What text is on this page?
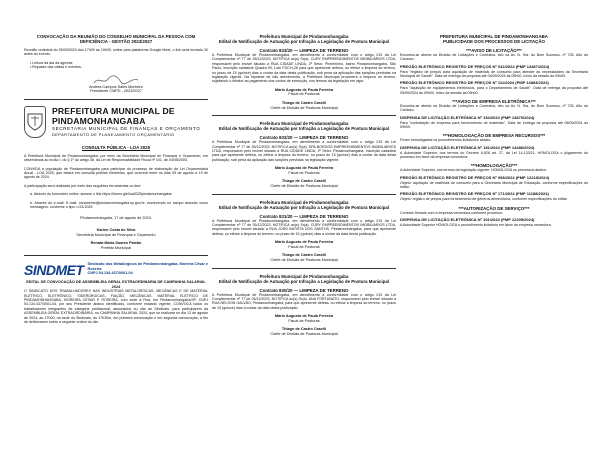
CONVOCAÇÃO DA REUNIÃO DO CONSELHO MUNICIPAL DA PESSOA COM DEFICIÊNCIA - GESTÃO 2023/2027
Reunião ordinária do 05/09/2024 dos 17h00 às 19h00, online pela plataforma Google Meet, o link será enviado 30 antes do evento.
• Leitura da ata da agenda;
• Repasse das visitas e eventos.
Andrea Campos Sales Monteiro
Presidente CMPD - 2023/2027
PREFEITURA MUNICIPAL DE PINDAMONHANGABA
SECRETARIA MUNICIPAL DE FINANÇAS E ORÇAMENTO
DEPARTAMENTO DE PLANEJAMENTO ORÇAMENTÁRIO
CONSULTA PÚBLICA - LOA 2025
A Prefeitura Municipal de Pindamonhangaba, por meio da Secretaria Municipal de Finanças e Orçamento, em observância ao inciso I, do § 1º do artigo 48, da Lei de Responsabilidade Fiscal nº 101, de 04/05/2000,
CONVIDA a população de Pindamonhangaba para participar do processo de elaboração da Lei Orçamentária Anual - LOA 2025, que estará em consulta pública eletrônica, que ocorrerá entre os dias 05 de agosto a 19 de agosto de 2024.
A participação será realizada por meio das seguintes ferramentas on-line:
a. Através do formulário online: acesse o link https://forms.gle/loa2025pindamonhangaba
b. Através do e-mail: E-mail: orcamento@pindamonhangaba.sp.gov.br, escrevendo no campo assunto como mensagem, conforme o tipo: LOA 2025
Pindamonhangaba, 17 de agosto de 2024.
Karine Costa de Silva
Secretária Municipal de Finanças e Orçamento
Renata Maria Soares Paixão
Prefeito Municipal
SINDMET Sindicato dos Metalúrgicos de Pindamonhangaba, Moreira César e Roseira
CNPJ 54.134.437/0001-04
EDITAL DE CONVOCAÇÃO DE ASSEMBLEIA GERAL EXTRAORDINÁRIA DE CAMPANHA SALARIAL 2024
O SINDICATO DOS TRABALHADORES NAS INDÚSTRIAS METALÚRGICAS, MECÂNICAS E DE MATERIAL ELÉTRICO, ELETRÔNICO, SIDERÚRGICAS, FIAÇÃO, MECÂNICAS, MATERIAL ELÉTRICO DE PINDAMONHANGABA, MOREIRA CÉSAR E ROSEIRA, com sede à Rua, em Pindamonhangaba/SP, CNPJ 54.134.437/0001-04, por seu Presidente abaixo identificado, conforme estatuto vigente, CONVOCA todos os trabalhadores integrantes da categoria profissional, associados ou não ao Sindicato, para participarem da ASSEMBLEIA GERAL EXTRAORDINÁRIA, no CAMPANHA SALARIAL 2024, que se realizará no dia 13 de agosto de 2024, às 17h00, na sede do Sindicato, às 17h30m, em primeira convocação e em segunda convocação, a fim de deliberarem sobre a seguinte ordem do dia.
Prefeitura Municipal de Pindamonhangaba
Edital de Notificação de Autuação por Infração a Legislação de Postura Municipal
Contrato 833/20 — LIMPEZA DE TERRENO
A Prefeitura Municipal de Pindamonhangaba, em atendimento a conformidade com o artigo 219 da Lei Complementar nº 77 de 26/12/2023, NOTIFICA ao(s) Sr(a). CURY EMPREENDIMENTOS IMOBILIÁRIOS LTDA, responsável pelo imóvel situado a RUA CIDADE LINDA, 2º Setor, Pinheirinho, bairro Pindamonhangaba, São Paulo, inscrição cadastral Quadra 09, Lote FGCH-28 para que apresente defesa, ou efetue a limpeza do terreno, no prazo de 15 (quinze) dias a contar da data desta publicação, sob pena da aplicação das sanções previstas na legislação vigente. Na hipótese de não atendimento, a Prefeitura Municipal procederá a limpeza do terreno, sujeitando o infrator ao pagamento dos custos de execução, nos termos da legislação em vigor.
Mário Augusto de Paula Ferreira
Fiscal de Posturas
Thiago de Castro Caselli
Chefe de Divisão de Posturas Municipal
Prefeitura Municipal de Pindamonhangaba
Edital de Notificação de Autuação por Infração a Legislação de Postura Municipal
Contrato 832/20 — LIMPEZA DE TERRENO
A Prefeitura Municipal de Pindamonhangaba, em atendimento a conformidade com o artigo 219 da Lei Complementar nº 77 de 26/12/2023, NOTIFICA ao(s) Sr(a). SPA-BORGOS EMPREENDIMENTOS IMOBILIÁRIOS LTDA, responsável pelo imóvel situado a RUA CIDADE LINDA, 2º Setor, Pindamonhangaba, inscrição cadastral para que apresente defesa, ou efetue a limpeza do terreno, no prazo de 15 (quinze) dias a contar da data desta publicação, sob pena da aplicação das sanções previstas na legislação vigente.
Mário Augusto de Paula Ferreira
Fiscal de Posturas
Thiago de Castro Caselli
Chefe de Divisão de Posturas Municipal
Prefeitura Municipal de Pindamonhangaba
Edital de Notificação de Autuação por Infração a Legislação de Postura Municipal
Contrato 831/20 — LIMPEZA DE TERRENO
A Prefeitura Municipal de Pindamonhangaba, em atendimento a conformidade com o artigo 219 da Lei Complementar nº 77 de 26/12/2023, NOTIFICA ao(s) Sr(a). CURY EMPREENDIMENTOS IMOBILIÁRIOS LTDA, responsável pelo imóvel situado a RUA JOÃO BATISTA DOS SANTOS, Pindamonhangaba, para que apresente defesa, ou efetue a limpeza do terreno, no prazo de 15 (quinze) dias a contar da data desta publicação.
Mário Augusto de Paula Ferreira
Fiscal de Posturas
Thiago de Castro Caselli
Chefe de Divisão de Posturas Municipal
Prefeitura Municipal de Pindamonhangaba
Edital de Notificação de Autuação por Infração a Legislação de Postura Municipal
Contrato 830/20 — LIMPEZA DE TERRENO
A Prefeitura Municipal de Pindamonhangaba, em atendimento a conformidade com o artigo 219 da Lei Complementar nº 77 de 26/12/2023, NOTIFICA ao(s) Sr(a). ANA FORTUNATO, responsável pelo imóvel situado a RUA NELSON GALVÃO, Pindamonhangaba, para que apresente defesa, ou efetue a limpeza do terreno, no prazo de 15 (quinze) dias a contar da data desta publicação.
Mário Augusto de Paula Ferreira
Fiscal de Posturas
Thiago de Castro Caselli
Chefe de Divisão de Posturas Municipal
PREFEITURA MUNICIPAL DE PINDAMONHANGABA
PUBLICIDADE DOS PROCESSOS DE LICITAÇÃO
***AVISO DE LICITAÇÃO***
Encontra-se aberta na Divisão de Licitações e Contratos, sito na Av. N. Sra. do Bom Sucesso, nº 735, Alto do Cardoso.
PREGÃO ELETRÔNICO REGISTRO DE PREÇOS Nº 032/2024 (PMP 13487/2024)
Para "registro de preços para aquisição de materiais de consumo para atender as necessidades da Secretaria Municipal de Saúde". Data de entrega da proposta até 04/09/2024 às 09h00. Início da sessão às 09h00.
PREGÃO ELETRÔNICO REGISTRO DE PREÇOS Nº 111/2024 (PMP 14883/2024)
Para "aquisição de equipamentos eletrônicos, para o Departamento de Saúde". Data de entrega da proposta até 05/09/2024 às 09h00. Início da sessão às 09h00.
***AVISO DE EMPRESA ELETRÔNICA***
Encontra-se aberta na Divisão de Licitações e Contratos, sito na Av. N. Sra. do Bom Sucesso, nº 735, Alto do Cardoso.
DISPENSA DE LICITAÇÃO ELETRÔNICA Nº 154/2024 (PMP 14870/2024)
Para "contratação de empresa para fornecimento de materiais". Data de entrega da proposta até 06/09/2024 às 09h00.
***HOMOLOGAÇÃO DE EMPRESA RECURSOS***
Ficam homologados os procedimentos licitatórios abaixo.
DISPENSA DE LICITAÇÃO ELETRÔNICA Nº 151/2024 (PMP 14486/2024)
A Autoridade Superior, nos termos do Decreto 6.828 art. 27, da Lei 14.133/21, HOMOLOGA o julgamento do processo em favor da empresa vencedora.
***HOMOLOGAÇÃO***
A Autoridade Superior, nos termos da legislação vigente, HOMOLOGA os processos abaixo.
PREGÃO ELETRÔNICO REGISTRO DE PREÇOS Nº 098/2024 (PMP 12218/2024)
Objeto: aquisição de materiais de consumo para a Secretaria Municipal de Educação, conforme especificações do edital.
PREGÃO ELETRÔNICO REGISTRO DE PREÇOS Nº 171/2024 (PMP 11188/2024)
Objeto: registro de preços para fornecimento de gêneros alimentícios, conforme especificações do edital.
***AUTORIZAÇÃO DE SERVIÇO***
Contrato firmado com a empresa vencedora conforme processo.
DISPENSA DE LICITAÇÃO ELETRÔNICA Nº 101/2024 (PMP 12209/2024)
A Autoridade Superior HOMOLOGA o procedimento licitatório em favor da empresa vencedora.
